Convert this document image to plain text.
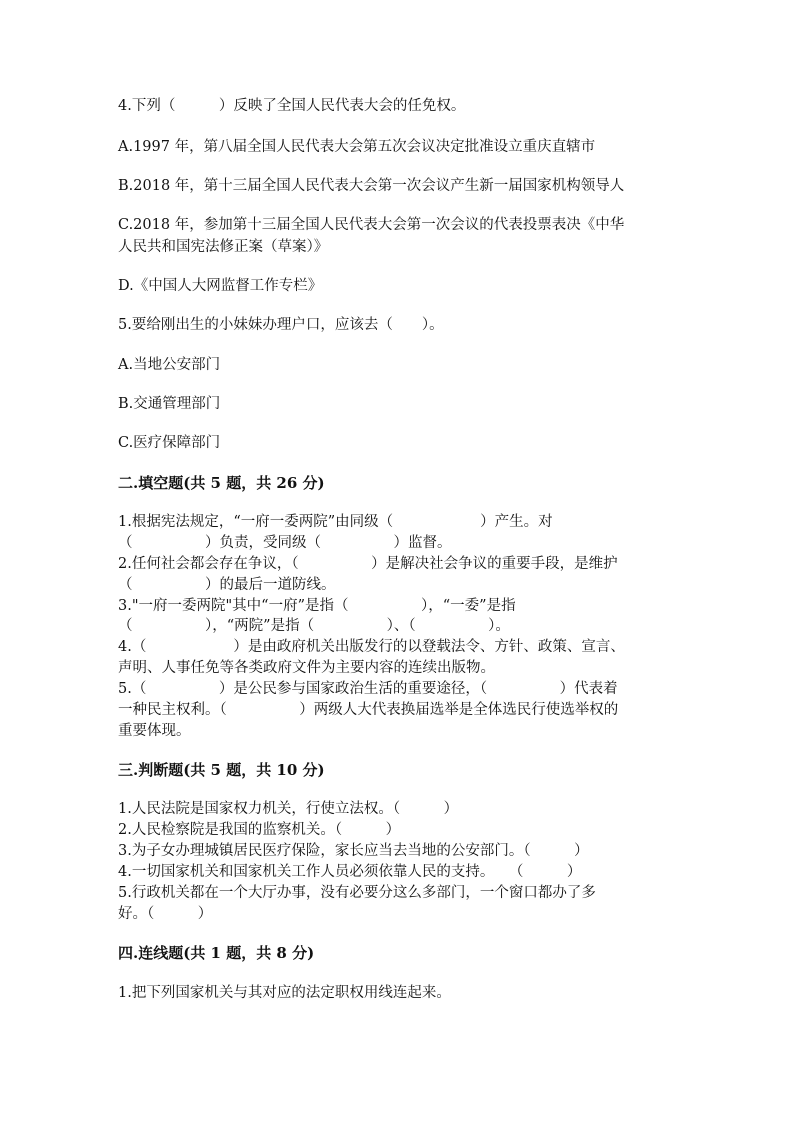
4.下列（　　　）反映了全国人民代表大会的任免权。
A.1997 年，第八届全国人民代表大会第五次会议决定批准设立重庆直辖市
B.2018 年，第十三届全国人民代表大会第一次会议产生新一届国家机构领导人
C.2018 年，参加第十三届全国人民代表大会第一次会议的代表投票表决《中华
人民共和国宪法修正案（草案）》
D.《中国人大网监督工作专栏》
5.要给刚出生的小妹妹办理户口，应该去（　　）。
A.当地公安部门
B.交通管理部门
C.医疗保障部门
二.填空题(共 5 题，共 26 分)
1.根据宪法规定，“一府一委两院”由同级（　　　　　　）产生。对
（　　　　　）负责，受同级（　　　　　）监督。
2.任何社会都会存在争议，（　　　　　）是解决社会争议的重要手段，是维护
（　　　　　）的最后一道防线。
3."一府一委两院"其中“一府”是指（　　　　　），“一委”是指
（　　　　　），“两院”是指（　　　　　）、（　　　　　）。
4.（　　　　　　）是由政府机关出版发行的以登载法令、方针、政策、宣言、
声明、人事任免等各类政府文件为主要内容的连续出版物。
5.（　　　　　）是公民参与国家政治生活的重要途径，（　　　　　）代表着
一种民主权利。（　　　　　）两级人大代表换届选举是全体选民行使选举权的
重要体现。
三.判断题(共 5 题，共 10 分)
1.人民法院是国家权力机关，行使立法权。（　　　）
2.人民检察院是我国的监察机关。（　　　）
3.为子女办理城镇居民医疗保险，家长应当去当地的公安部门。（　　　）
4.一切国家机关和国家机关工作人员必须依靠人民的支持。　　（　　　）
5.行政机关都在一个大厅办事，没有必要分这么多部门，一个窗口都办了多
好。（　　　）
四.连线题(共 1 题，共 8 分)
1.把下列国家机关与其对应的法定职权用线连起来。
